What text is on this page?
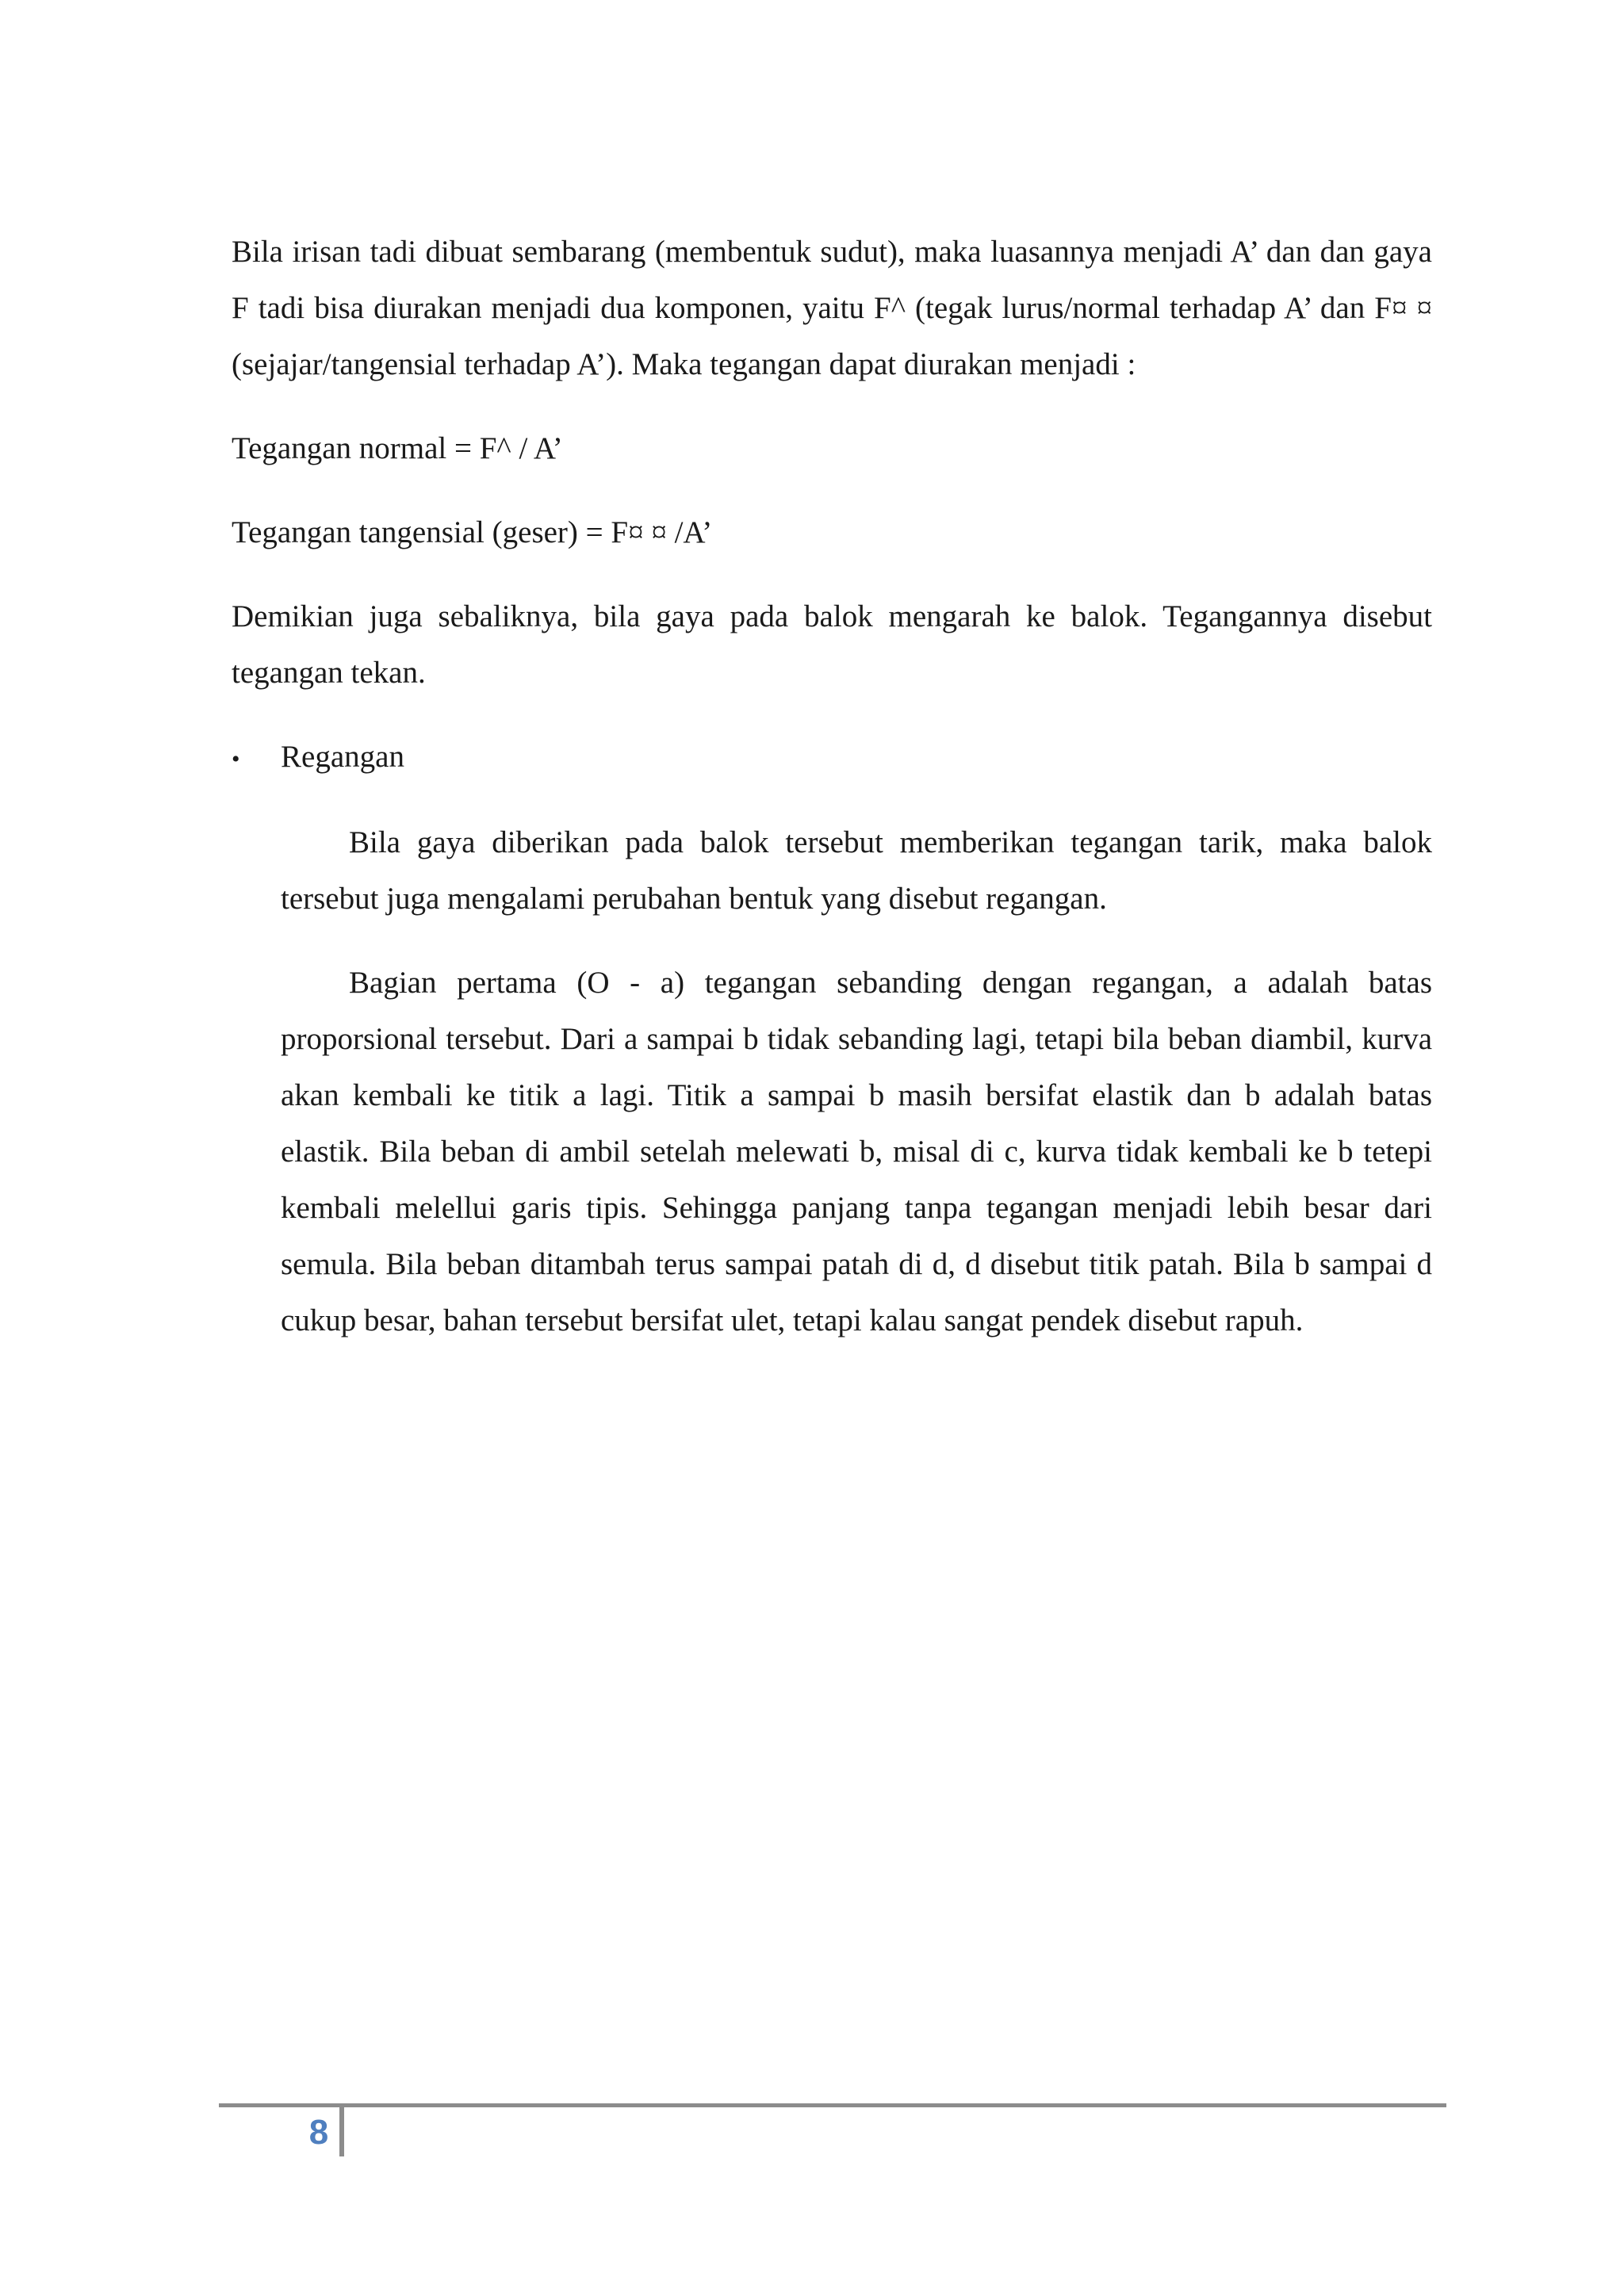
Bila irisan tadi dibuat sembarang (membentuk sudut), maka luasannya menjadi A’ dan dan gaya F tadi bisa diurakan menjadi dua komponen, yaitu F^ (tegak lurus/normal terhadap A’ dan F¤ ¤ (sejajar/tangensial terhadap A’). Maka tegangan dapat diurakan menjadi :

Tegangan normal = F^ / A’

Tegangan tangensial (geser) = F¤ ¤ /A’

Demikian juga sebaliknya, bila gaya pada balok mengarah ke balok. Tegangannya disebut tegangan tekan.

•	Regangan

Bila gaya diberikan pada balok tersebut memberikan tegangan tarik, maka balok tersebut juga mengalami perubahan bentuk yang disebut regangan.

Bagian pertama (O - a) tegangan sebanding dengan regangan, a adalah batas proporsional tersebut. Dari a sampai b tidak sebanding lagi, tetapi bila beban diambil, kurva akan kembali ke titik a lagi. Titik a sampai b masih bersifat elastik dan b adalah batas elastik. Bila beban di ambil setelah melewati b, misal di c, kurva tidak kembali ke b tetepi kembali melellui garis tipis. Sehingga panjang tanpa tegangan menjadi lebih besar dari semula. Bila beban ditambah terus sampai patah di d, d disebut titik patah. Bila b sampai d cukup besar, bahan tersebut bersifat ulet, tetapi kalau sangat pendek disebut rapuh.

8
